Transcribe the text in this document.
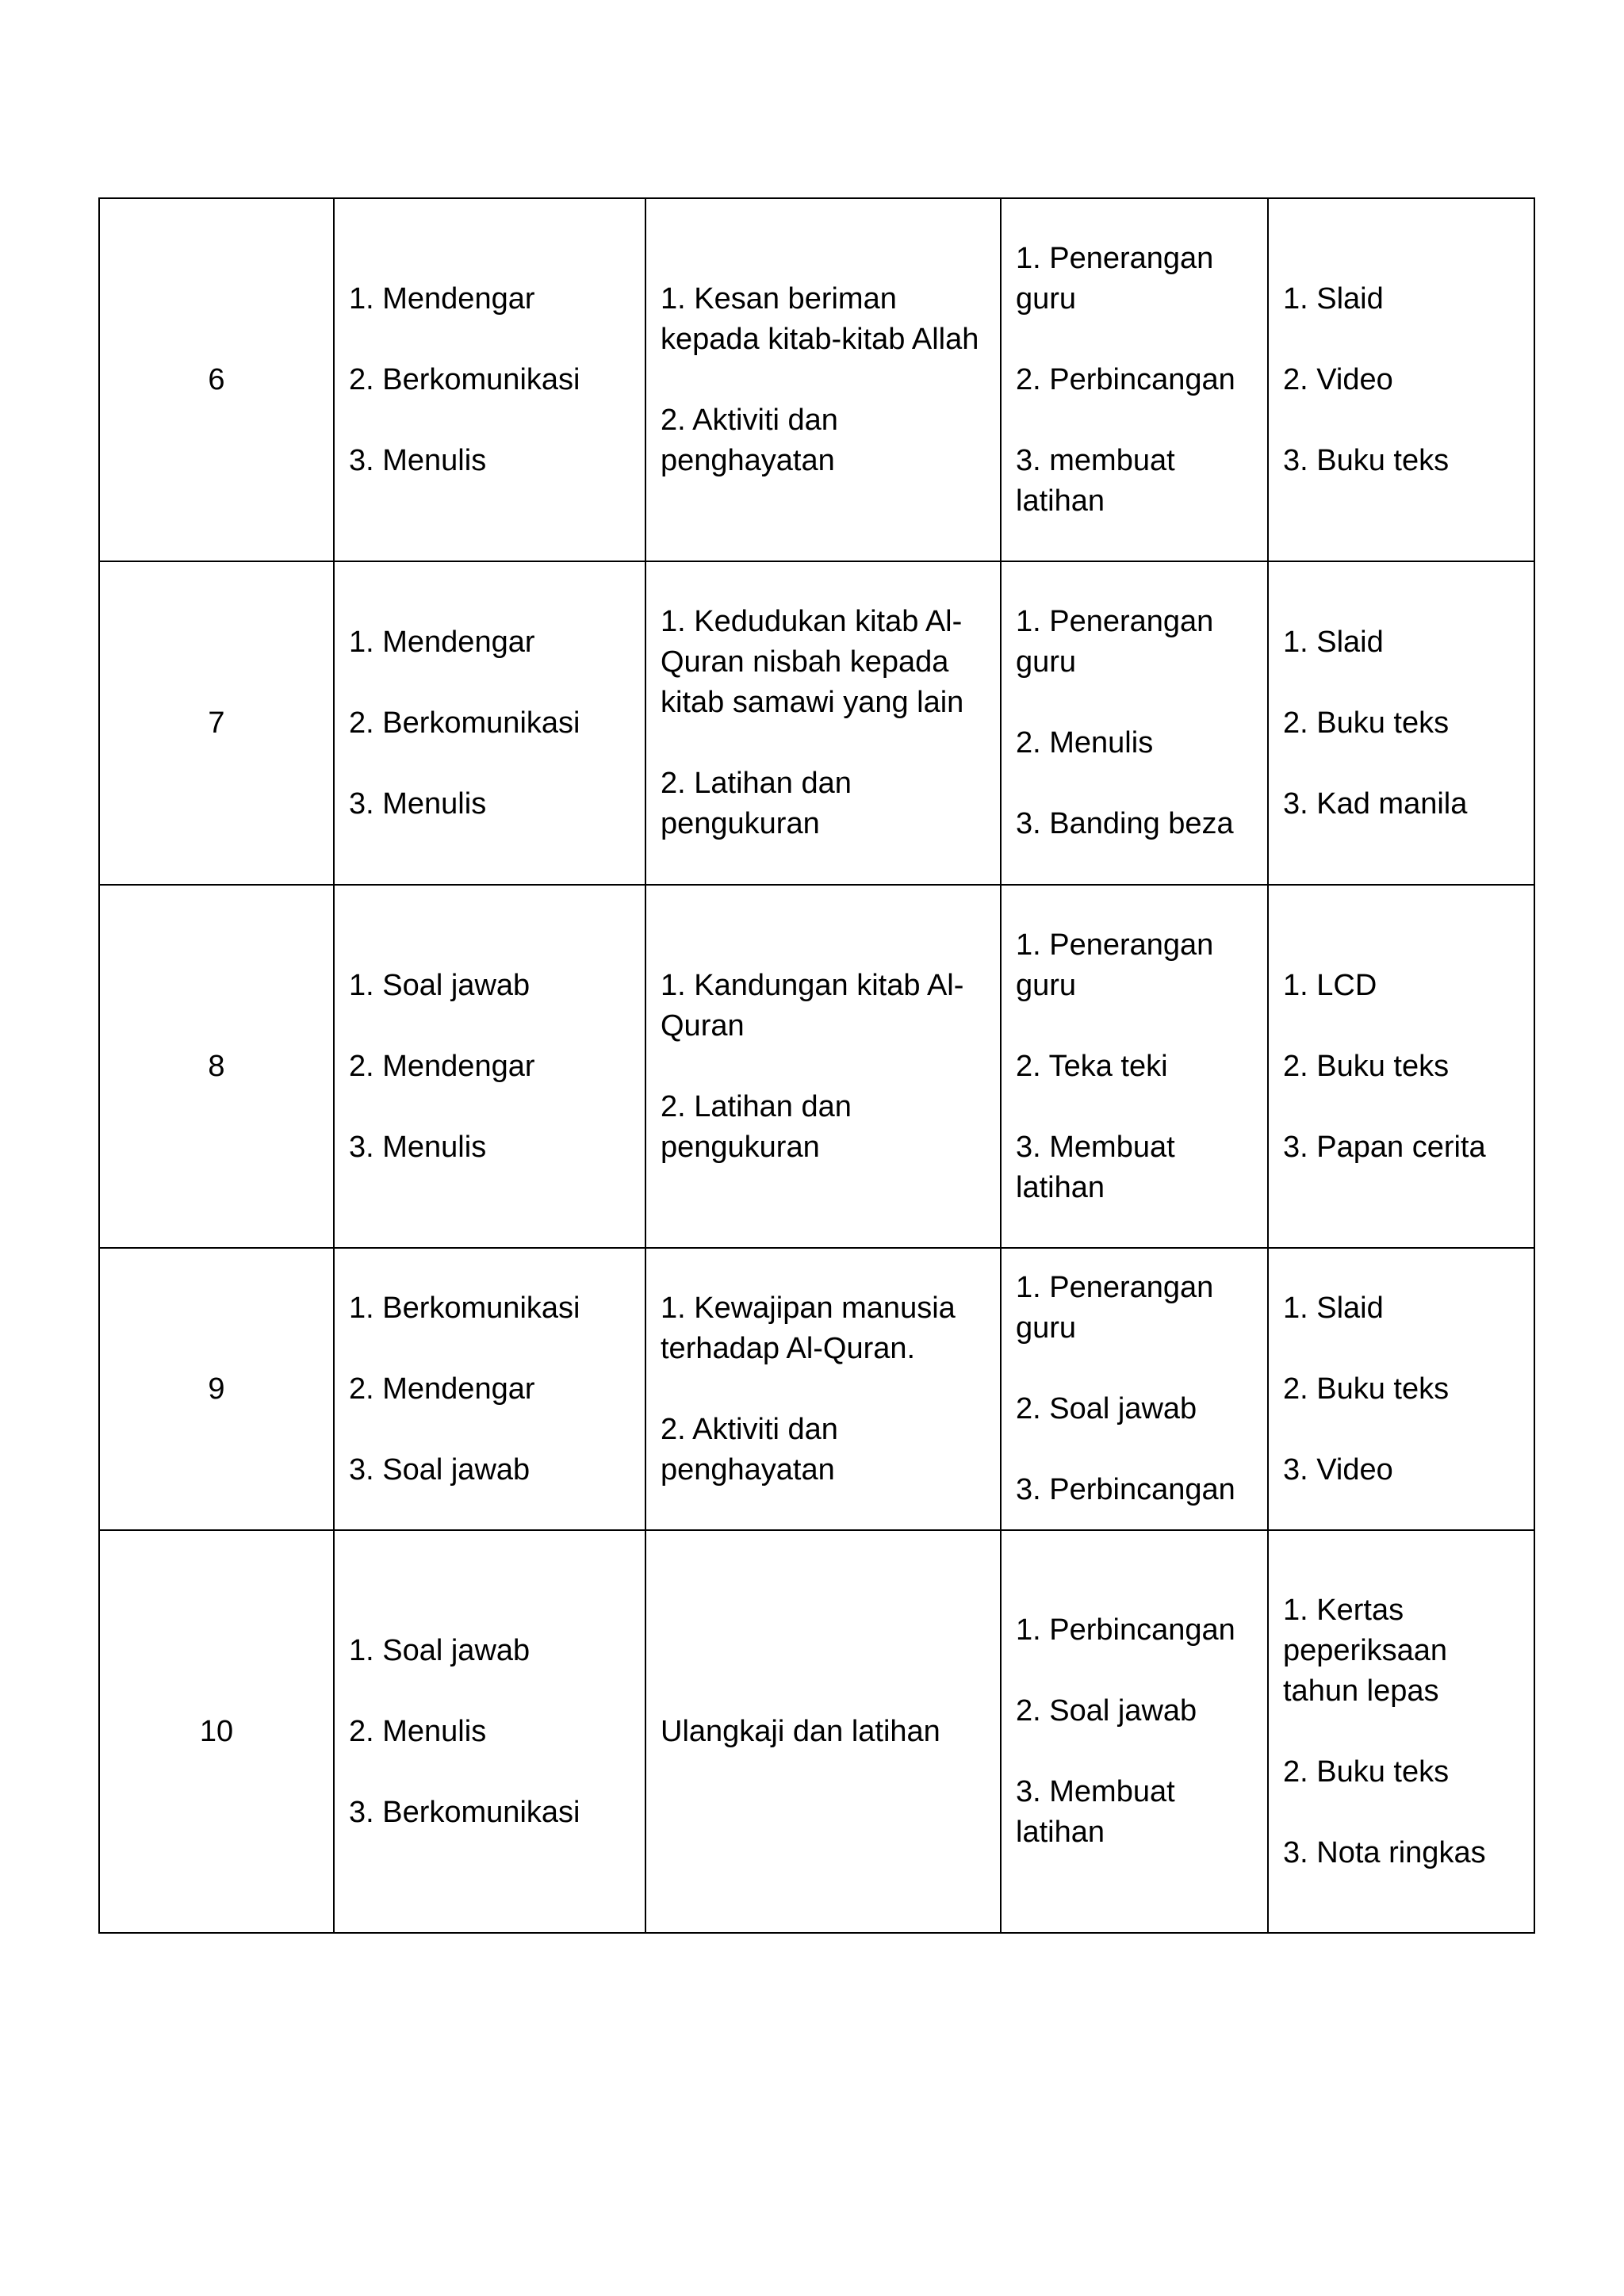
6	1. Mendengar
2. Berkomunikasi
3. Menulis	1. Kesan beriman kepada kitab-kitab Allah
2. Aktiviti dan penghayatan	1. Penerangan guru
2. Perbincangan
3. membuat latihan	1. Slaid
2. Video
3. Buku teks

7	1. Mendengar
2. Berkomunikasi
3. Menulis	1. Kedudukan kitab Al-Quran nisbah kepada kitab samawi yang lain
2. Latihan dan pengukuran	1. Penerangan guru
2. Menulis
3. Banding beza	1. Slaid
2. Buku teks
3. Kad manila

8	1. Soal jawab
2. Mendengar
3. Menulis	1. Kandungan kitab Al-Quran
2. Latihan dan pengukuran	1. Penerangan guru
2. Teka teki
3. Membuat latihan	1. LCD
2. Buku teks
3. Papan cerita

9	1. Berkomunikasi
2. Mendengar
3. Soal jawab	1. Kewajipan manusia terhadap Al-Quran.
2. Aktiviti dan penghayatan	1. Penerangan guru
2. Soal jawab
3. Perbincangan	1. Slaid
2. Buku teks
3. Video

10	1. Soal jawab
2. Menulis
3. Berkomunikasi	Ulangkaji dan latihan	1. Perbincangan
2. Soal jawab
3. Membuat latihan	1. Kertas peperiksaan tahun lepas
2. Buku teks
3. Nota ringkas
